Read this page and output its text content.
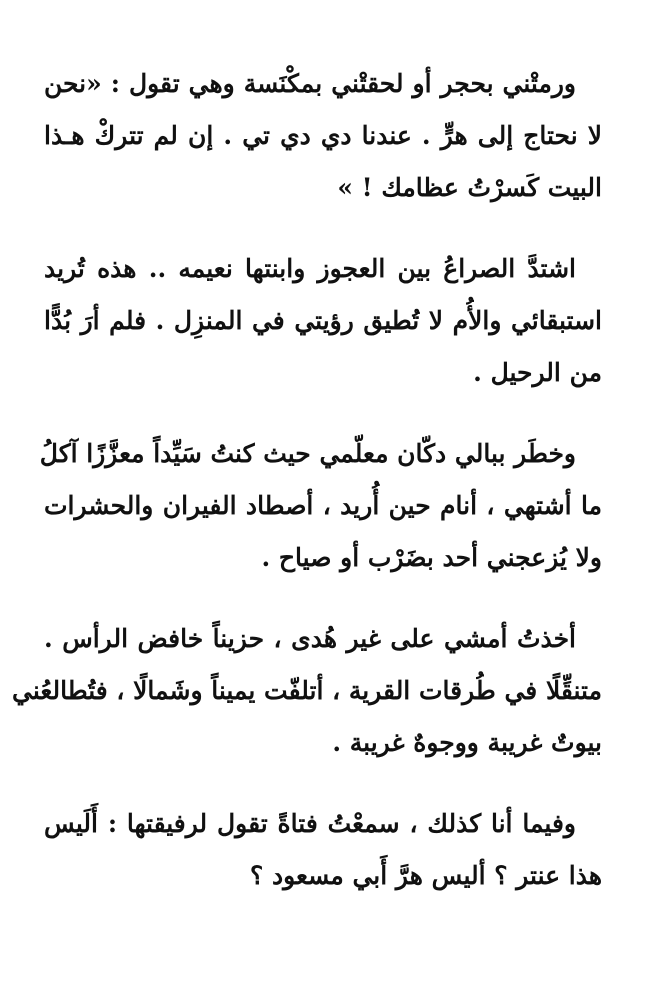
ورمتْني بحجر أو لحقتْني بمكْنَسة وهي تقول : «نحن
لا نحتاج إلى هرٍّ . عندنا دي دي تي . إن لم تتركْ هـذا
البيت كَسرْتُ عظامك ! »
اشتدَّ الصراعُ بين العجوز وابنتها نعيمه .. هذه تُريد
استبقائي والأُم لا تُطيق رؤيتي في المنزِل . فلم أرَ بُدًّا
من الرحيل .
وخطَر ببالي دكّان معلّمي حيث كنتُ سَيِّداً معزَّزًا آكلُ
ما أشتهي ، أنام حين أُريد ، أصطاد الفيران والحشرات
ولا يُزعجني أحد بضَرْب أو صياح .
أخذتُ أمشي على غير هُدى ، حزيناً خافض الرأس .
متنقِّلًا في طُرقات القرية ، أتلفّت يميناً وشَمالًا ، فتُطالعُني
بيوتٌ غريبة ووجوهٌ غريبة .
وفيما أنا كذلك ، سمعْتُ فتاةً تقول لرفيقتها : أَلَيس
هذا عنتر ؟ أليس هرَّ أَبي مسعود ؟
